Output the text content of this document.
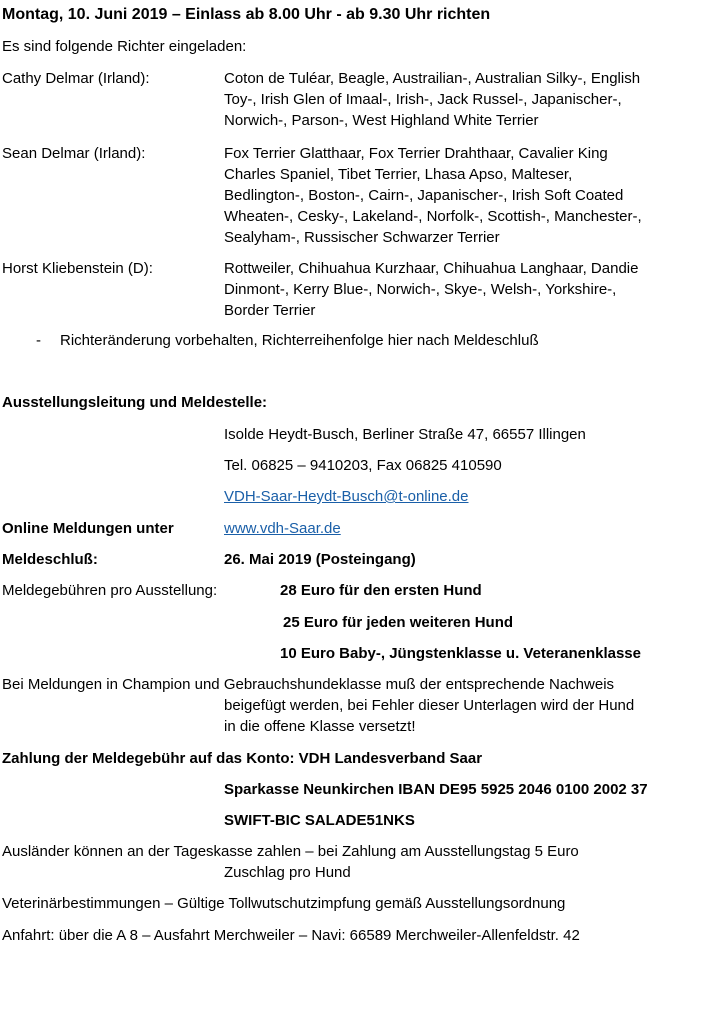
Montag, 10. Juni 2019 – Einlass ab 8.00 Uhr - ab 9.30 Uhr richten
Es sind folgende Richter eingeladen:
Cathy Delmar (Irland):	Coton de Tuléar, Beagle, Austrailian-, Australian Silky-, English
Toy-, Irish Glen of Imaal-, Irish-, Jack Russel-, Japanischer-,
Norwich-, Parson-, West Highland White Terrier
Sean Delmar (Irland):	Fox Terrier Glatthaar, Fox Terrier Drahthaar, Cavalier King
Charles Spaniel, Tibet Terrier, Lhasa Apso, Malteser,
Bedlington-, Boston-, Cairn-, Japanischer-, Irish Soft Coated
Wheaten-, Cesky-, Lakeland-, Norfolk-, Scottish-, Manchester-,
Sealyham-, Russischer Schwarzer Terrier
Horst Kliebenstein (D):	Rottweiler, Chihuahua Kurzhaar, Chihuahua Langhaar, Dandie
Dinmont-, Kerry Blue-, Norwich-, Skye-, Welsh-, Yorkshire-,
Border Terrier
- Richteränderung vorbehalten, Richterreihenfolge hier nach Meldeschluß
Ausstellungsleitung und Meldestelle:
Isolde Heydt-Busch, Berliner Straße 47, 66557 Illingen
Tel. 06825 – 9410203, Fax 06825 410590
VDH-Saar-Heydt-Busch@t-online.de
Online Meldungen unter	www.vdh-Saar.de
Meldeschluß:	26. Mai 2019 (Posteingang)
Meldegebühren pro Ausstellung:	28 Euro für den ersten Hund
25 Euro für jeden weiteren Hund
10 Euro Baby-, Jüngstenklasse u. Veteranenklasse
Bei Meldungen in Champion und Gebrauchshundeklasse muß der entsprechende Nachweis
beigefügt werden, bei Fehler dieser Unterlagen wird der Hund
in die offene Klasse versetzt!
Zahlung der Meldegebühr auf das Konto: VDH Landesverband Saar
Sparkasse Neunkirchen IBAN DE95 5925 2046 0100 2002 37
SWIFT-BIC SALADE51NKS
Ausländer können an der Tageskasse zahlen – bei Zahlung am Ausstellungstag 5 Euro
Zuschlag pro Hund
Veterinärbestimmungen – Gültige Tollwutschutzimpfung gemäß Ausstellungsordnung
Anfahrt: über die A 8 – Ausfahrt Merchweiler – Navi: 66589 Merchweiler-Allenfeldstr. 42
